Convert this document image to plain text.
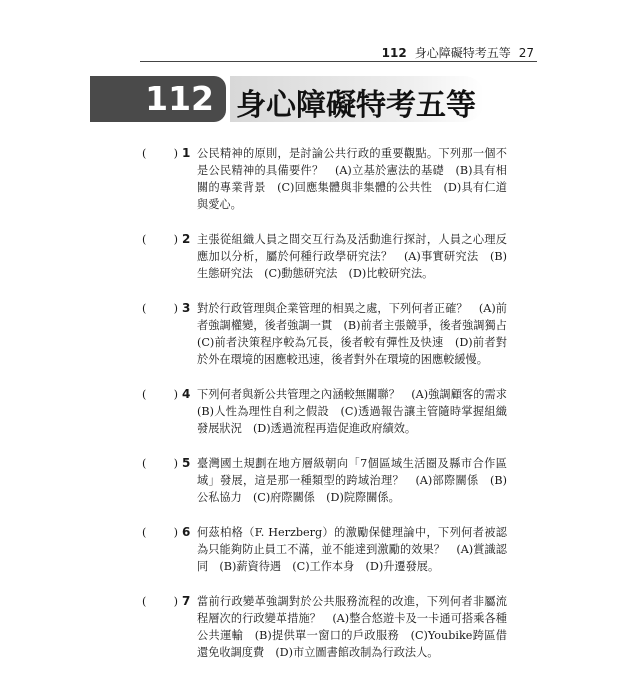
112 身心障礙特考五等 27
112 身心障礙特考五等
( ) 1 公民精神的原則，是討論公共行政的重要觀點。下列那一個不是公民精神的具備要件？　(A)立基於憲法的基礎　(B)具有相關的專業背景　(C)回應集體與非集體的公共性　(D)具有仁道與愛心。
( ) 2 主張從組織人員之間交互行為及活動進行探討，人員之心理反應加以分析，屬於何種行政學研究法？　(A)事實研究法　(B)生態研究法　(C)動態研究法　(D)比較研究法。
( ) 3 對於行政管理與企業管理的相異之處，下列何者正確？　(A)前者強調權變，後者強調一貫　(B)前者主張競爭，後者強調獨占　(C)前者決策程序較為冗長，後者較有彈性及快速　(D)前者對於外在環境的困應較迅速，後者對外在環境的困應較緩慢。
( ) 4 下列何者與新公共管理之內涵較無關聯？　(A)強調顧客的需求　(B)人性為理性自利之假設　(C)透過報告讓主管隨時掌握組織發展狀況　(D)透過流程再造促進政府績效。
( ) 5 臺灣國土規劃在地方層級朝向「7個區域生活圈及縣市合作區域」發展，這是那一種類型的跨域治理？　(A)部際關係　(B)公私協力　(C)府際關係　(D)院際關係。
( ) 6 何茲柏格（F. Herzberg）的激勵保健理論中，下列何者被認為只能夠防止員工不滿，並不能達到激勵的效果？　(A)賞識認同　(B)薪資待遇　(C)工作本身　(D)升遷發展。
( ) 7 當前行政變革強調對於公共服務流程的改進，下列何者非屬流程層次的行政變革措施？　(A)整合悠遊卡及一卡通可搭乘各種公共運輸　(B)提供單一窗口的戶政服務　(C)Youbike跨區借還免收調度費　(D)市立圖書館改制為行政法人。
